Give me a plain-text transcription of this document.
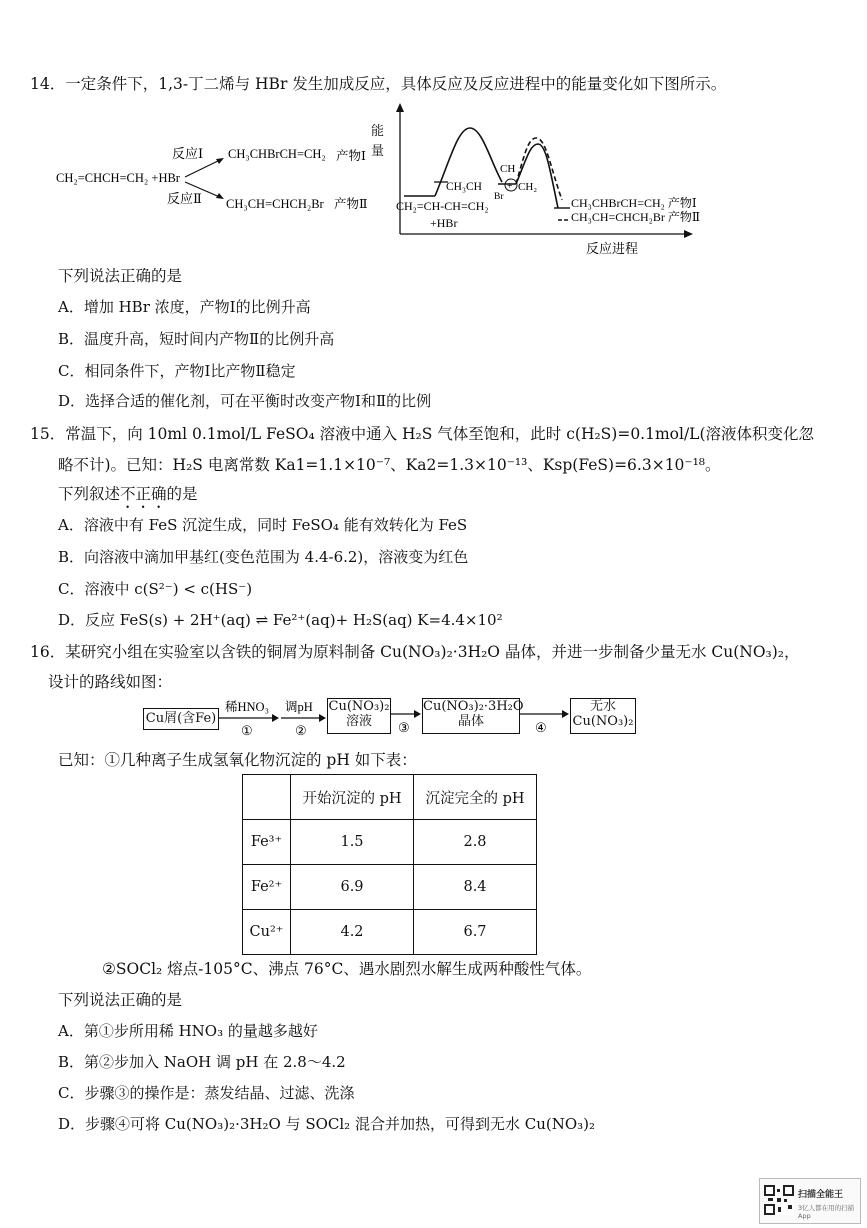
14．一定条件下，1,3-丁二烯与 HBr 发生加成反应，具体反应及反应进程中的能量变化如下图所示。
反应Ⅰ
反应Ⅱ
CH₂=CHCH=CH₂ +HBr
CH₃CHBrCH=CH₂ 产物Ⅰ
CH₃CH=CHCH₂Br 产物Ⅱ CH₂=CH-CH=CH₂
+HBr
CH₃CH
CH
+
Br
CH₂
CH₃CHBrCH=CH₂ 产物Ⅰ
CH₃CH=CHCH₂Br 产物Ⅱ
反应进程
能
量
下列说法正确的是
A．增加 HBr 浓度，产物Ⅰ的比例升高
B．温度升高，短时间内产物Ⅱ的比例升高
C．相同条件下，产物Ⅰ比产物Ⅱ稳定
D．选择合适的催化剂，可在平衡时改变产物Ⅰ和Ⅱ的比例
15．常温下，向 10ml 0.1mol/L FeSO₄ 溶液中通入 H₂S 气体至饱和，此时 c(H₂S)=0.1mol/L(溶液体积变化忽
略不计)。已知：H₂S 电离常数 Ka1=1.1×10⁻⁷、Ka2=1.3×10⁻¹³、Ksp(FeS)=6.3×10⁻¹⁸。
下列叙述不正确的是
A．溶液中有 FeS 沉淀生成，同时 FeSO₄ 能有效转化为 FeS
B．向溶液中滴加甲基红(变色范围为 4.4-6.2)，溶液变为红色
C．溶液中 c(S²⁻) < c(HS⁻)
D．反应 FeS(s) + 2H⁺(aq) ⇌ Fe²⁺(aq)+ H₂S(aq) K=4.4×10²
16．某研究小组在实验室以含铁的铜屑为原料制备 Cu(NO₃)₂·3H₂O 晶体，并进一步制备少量无水 Cu(NO₃)₂，
设计的路线如图：
Cu屑(含Fe)
Cu(NO₃)₂
溶液
Cu(NO₃)₂·3H₂O
晶体
无水
Cu(NO₃)₂
稀HNO₃
①
调pH
②	③	④
已知：①几种离子生成氢氧化物沉淀的 pH 如下表：
	开始沉淀的 pH	沉淀完全的 pH
Fe³⁺	1.5	2.8
Fe²⁺	6.9	8.4
Cu²⁺	4.2	6.7
②SOCl₂ 熔点-105°C、沸点 76°C、遇水剧烈水解生成两种酸性气体。
下列说法正确的是
A．第①步所用稀 HNO₃ 的量越多越好
B．第②步加入 NaOH 调 pH 在 2.8～4.2
C．步骤③的操作是：蒸发结晶、过滤、洗涤
D．步骤④可将 Cu(NO₃)₂·3H₂O 与 SOCl₂ 混合并加热，可得到无水 Cu(NO₃)₂
扫描全能王
3亿人都在用的扫描App
